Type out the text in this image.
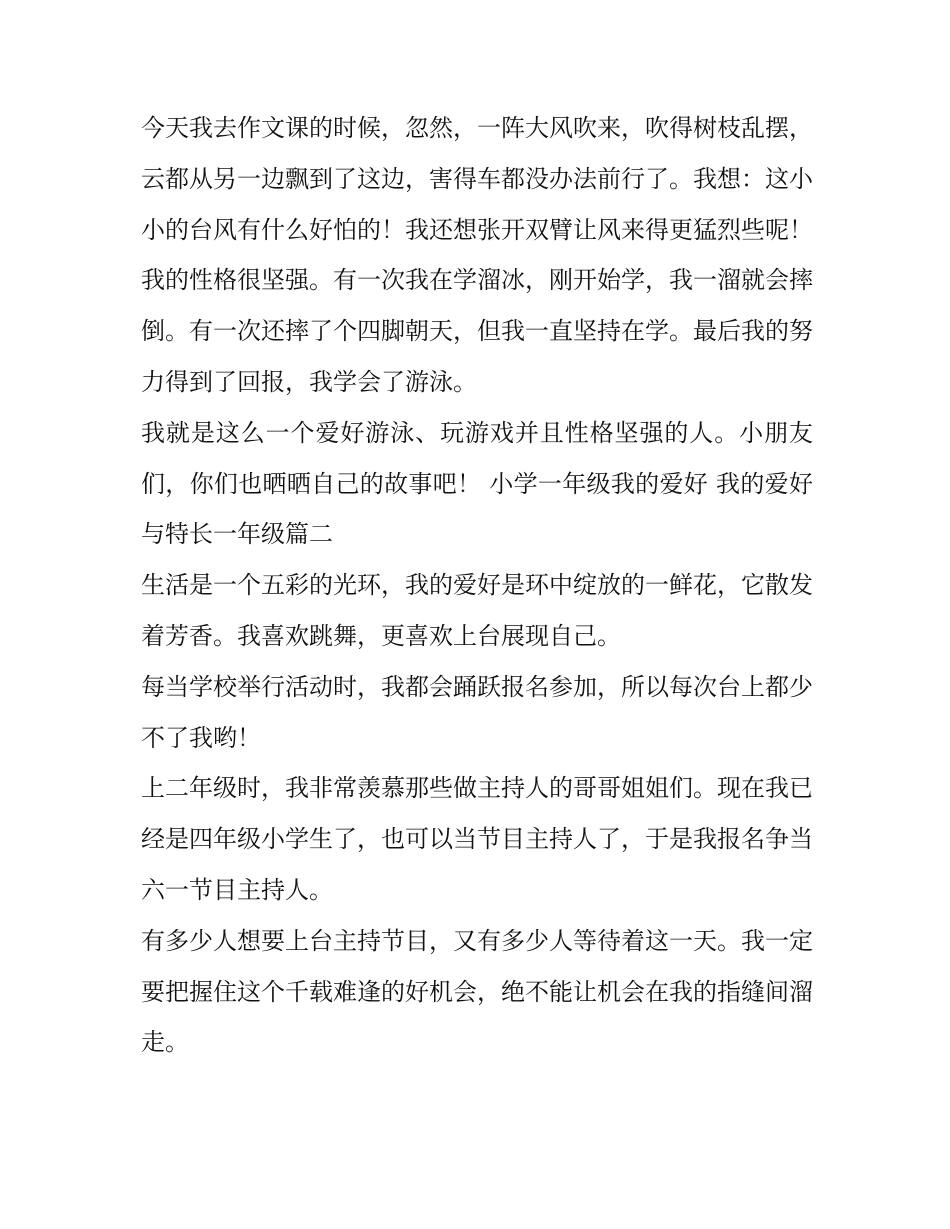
今天我去作文课的时候，忽然，一阵大风吹来，吹得树枝乱摆，云都从另一边飘到了这边，害得车都没办法前行了。我想：这小小的台风有什么好怕的！我还想张开双臂让风来得更猛烈些呢！

我的性格很坚强。有一次我在学溜冰，刚开始学，我一溜就会摔倒。有一次还摔了个四脚朝天，但我一直坚持在学。最后我的努力得到了回报，我学会了游泳。

我就是这么一个爱好游泳、玩游戏并且性格坚强的人。小朋友们，你们也晒晒自己的故事吧！ 小学一年级我的爱好 我的爱好与特长一年级篇二

生活是一个五彩的光环，我的爱好是环中绽放的一鲜花，它散发着芳香。我喜欢跳舞，更喜欢上台展现自己。

每当学校举行活动时，我都会踊跃报名参加，所以每次台上都少不了我哟！

上二年级时，我非常羡慕那些做主持人的哥哥姐姐们。现在我已经是四年级小学生了，也可以当节目主持人了，于是我报名争当六一节目主持人。

有多少人想要上台主持节目，又有多少人等待着这一天。我一定要把握住这个千载难逢的好机会，绝不能让机会在我的指缝间溜走。
